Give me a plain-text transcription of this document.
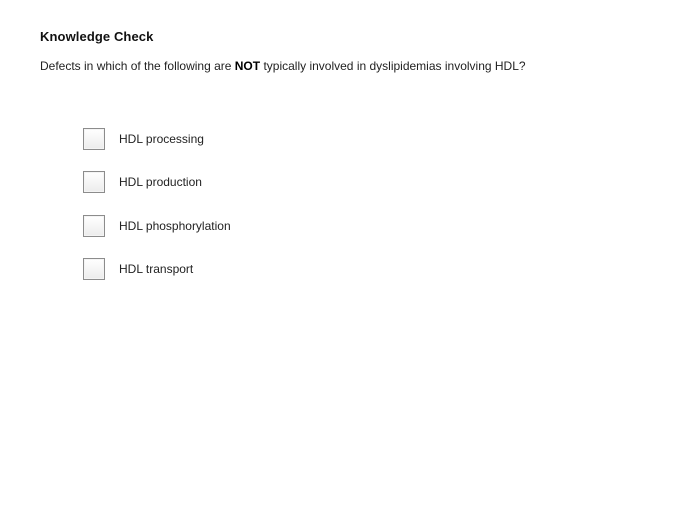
Knowledge Check
Defects in which of the following are NOT typically involved in dyslipidemias involving HDL?
HDL processing
HDL production
HDL phosphorylation
HDL transport
